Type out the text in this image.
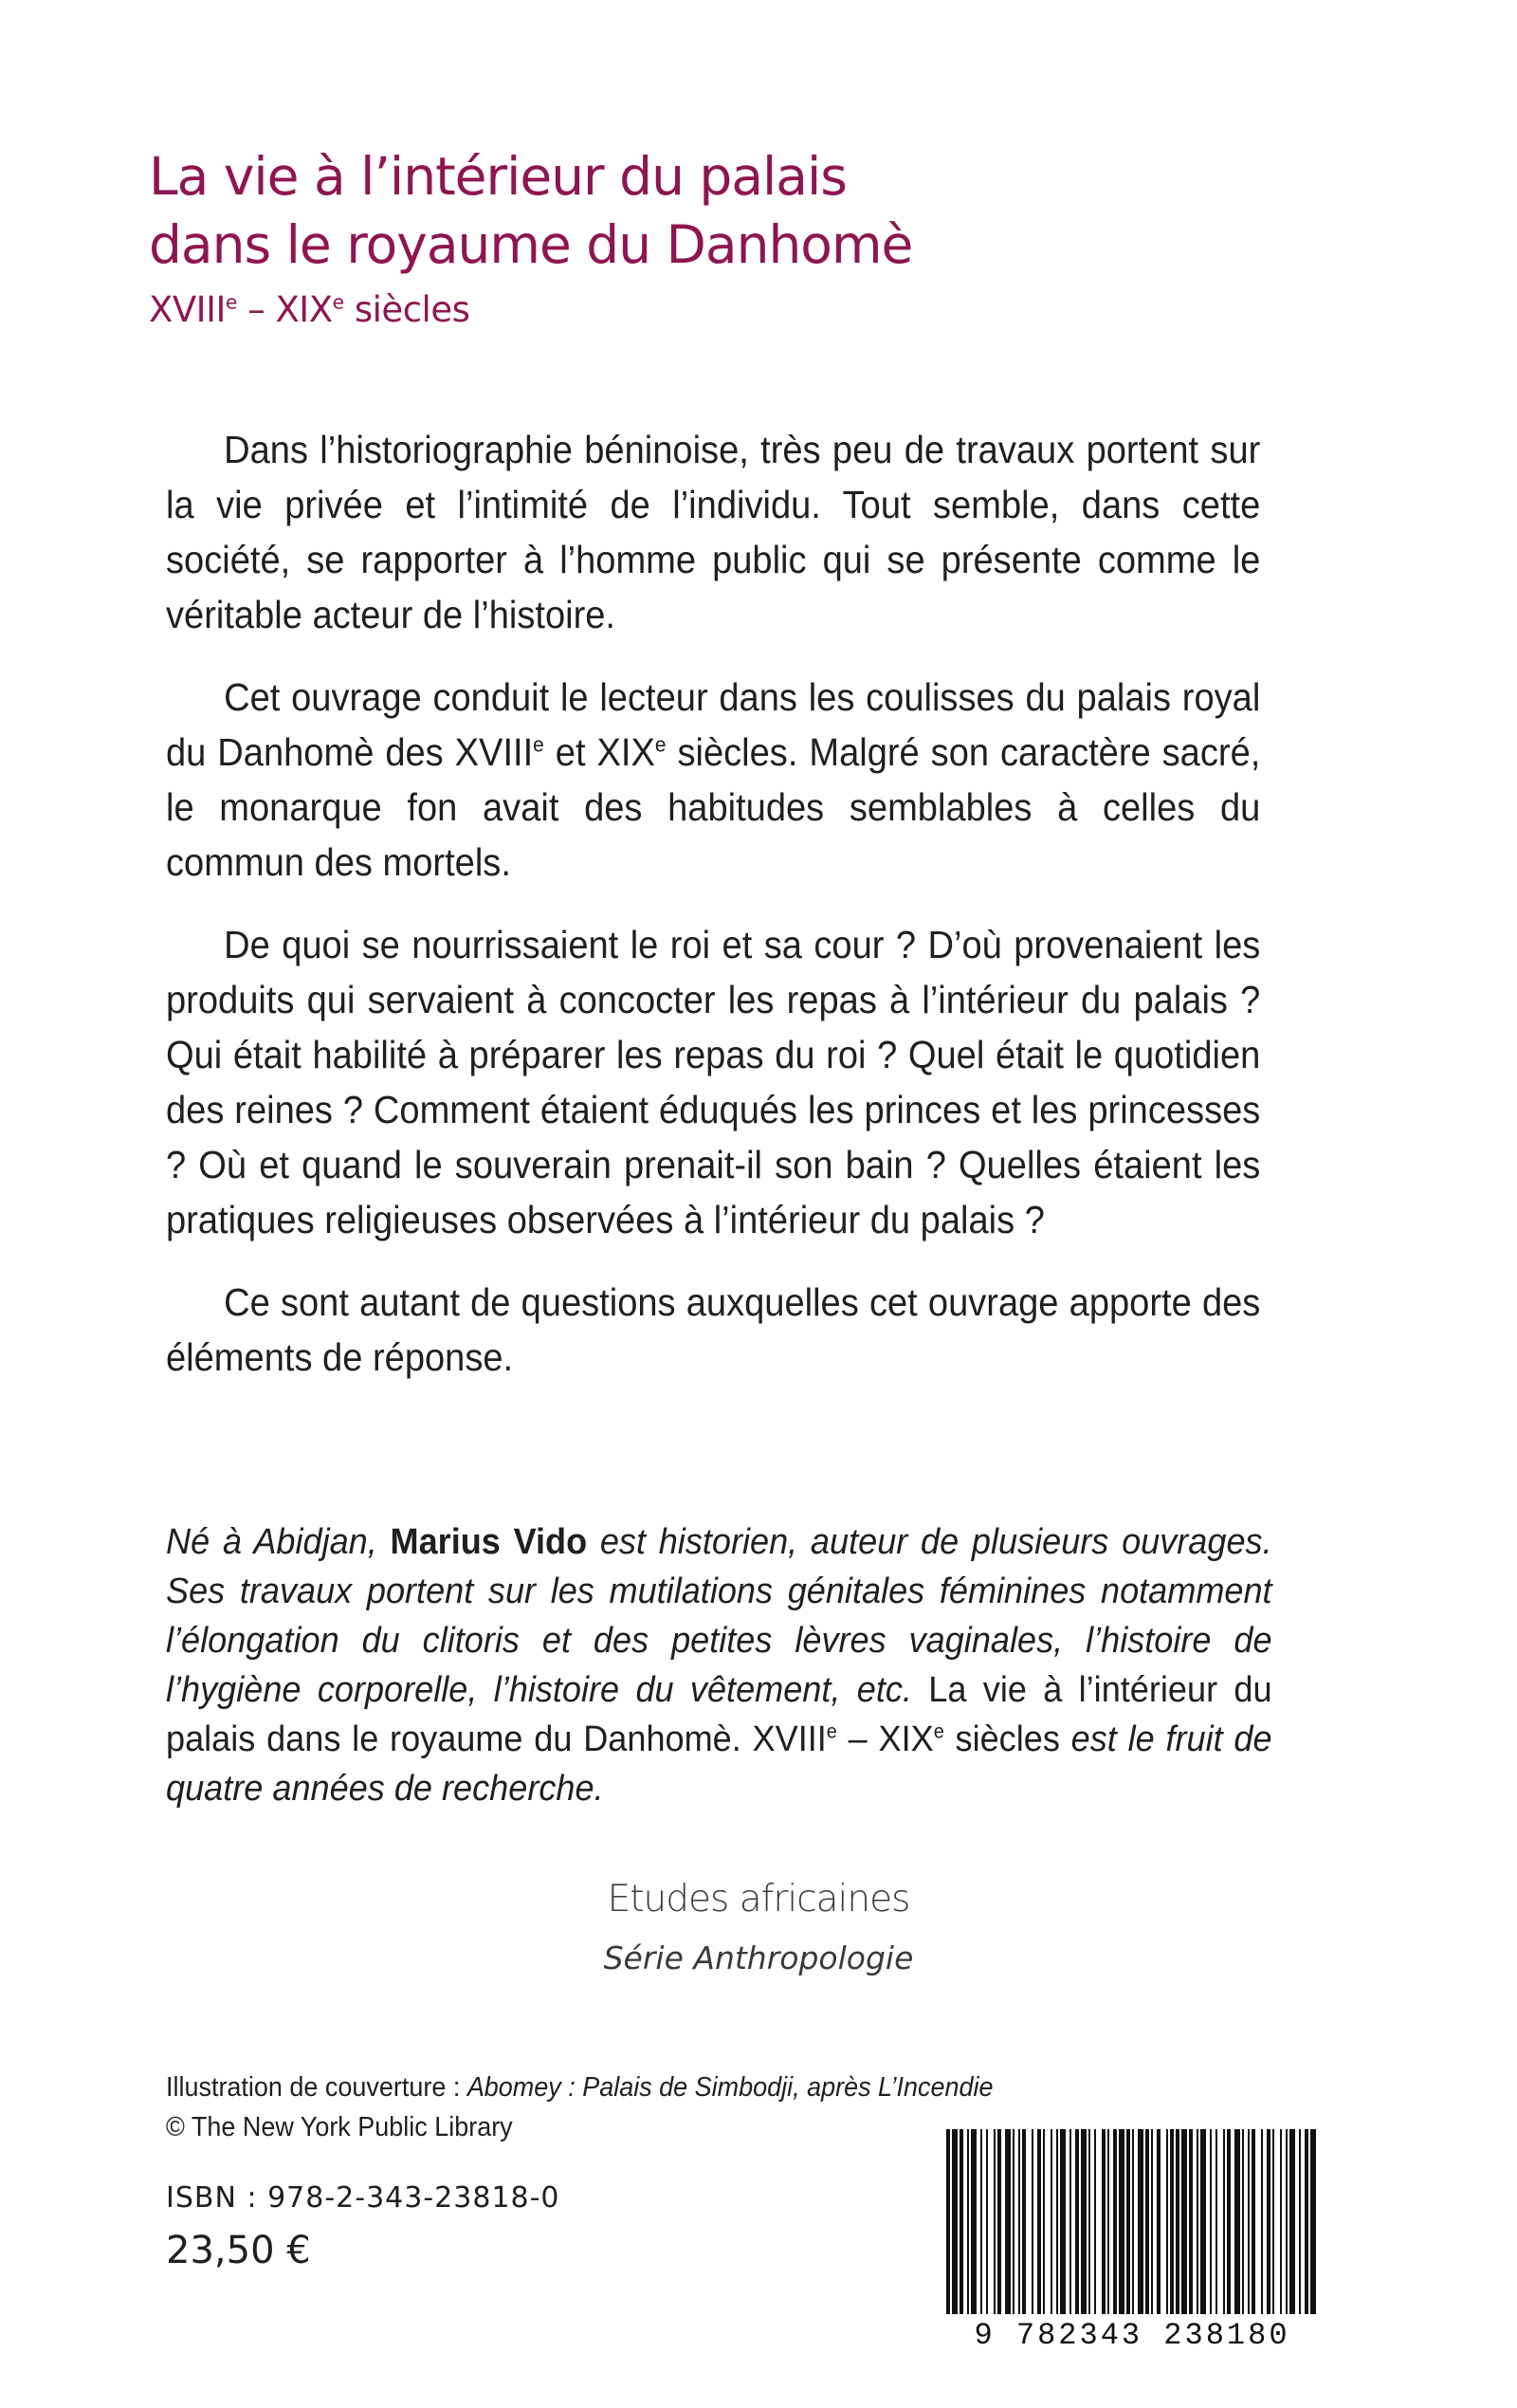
La vie à l’intérieur du palais
dans le royaume du Danhomè
XVIIIe – XIXe siècles

Dans l’historiographie béninoise, très peu de travaux portent sur la vie privée et l’intimité de l’individu. Tout semble, dans cette société, se rapporter à l’homme public qui se présente comme le véritable acteur de l’histoire.

Cet ouvrage conduit le lecteur dans les coulisses du palais royal du Danhomè des XVIIIe et XIXe siècles. Malgré son caractère sacré, le monarque fon avait des habitudes semblables à celles du commun des mortels.

De quoi se nourrissaient le roi et sa cour ? D’où provenaient les produits qui servaient à concocter les repas à l’intérieur du palais ? Qui était habilité à préparer les repas du roi ? Quel était le quotidien des reines ? Comment étaient éduqués les princes et les princesses ? Où et quand le souverain prenait-il son bain ? Quelles étaient les pratiques religieuses observées à l’intérieur du palais ?

Ce sont autant de questions auxquelles cet ouvrage apporte des éléments de réponse.

Né à Abidjan, Marius Vido est historien, auteur de plusieurs ouvrages. Ses travaux portent sur les mutilations génitales féminines notamment l’élongation du clitoris et des petites lèvres vaginales, l’histoire de l’hygiène corporelle, l’histoire du vêtement, etc. La vie à l’intérieur du palais dans le royaume du Danhomè. XVIIIe – XIXe siècles est le fruit de quatre années de recherche.
Etudes africaines
Série Anthropologie
Illustration de couverture : Abomey : Palais de Simbodji, après L’Incendie
© The New York Public Library
ISBN : 978-2-343-23818-0
23,50 €
9 782343 238180
